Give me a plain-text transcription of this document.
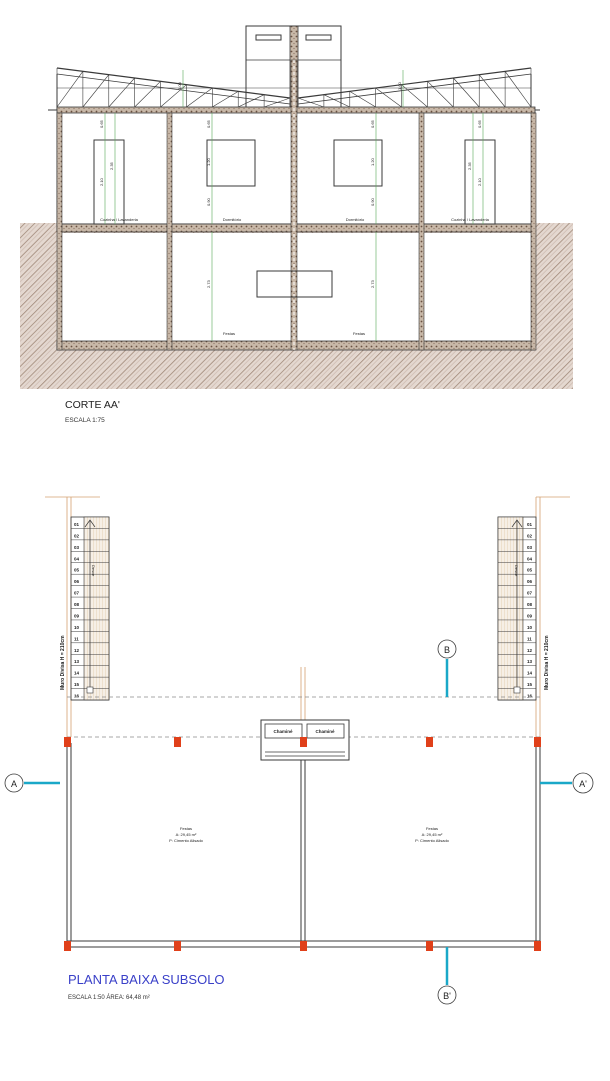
1.00	1.00
0.65	0.65	0.65	0.65
2.10
2.35	2.35
2.10
1.20
0.90
1.20
0.90
2.73	2.73
Cozinha / Lavanderia	Dormitório	Dormitório	Cozinha / Lavanderia
Festas	Festas
CORTE AA'
ESCALA 1:75
01
02
03
04
05
06
07
08
09
10
11
12
13
14
15
16
Desce
01
02
03
04
05
06
07
08
09
10
11
12
13
14
15
16
Desce
Muro Divisa H = 210cm	Muro Divisa H = 210cm
Chaminé	Chaminé
Festas
A: 29,45 m²
P: Cimento Alisado
Festas
A: 29,45 m²
P: Cimento Alisado
B
B'
A	A'
PLANTA BAIXA SUBSOLO
ESCALA 1:50 ÁREA: 64,48 m²
